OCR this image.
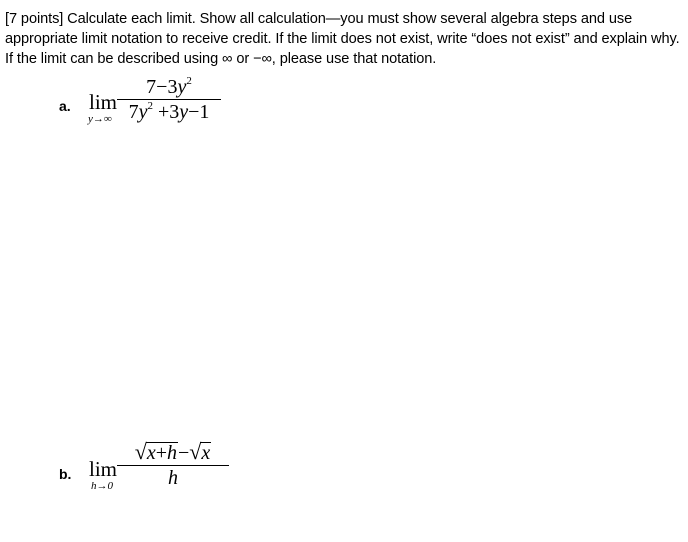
[7 points] Calculate each limit. Show all calculation—you must show several algebra steps and use appropriate limit notation to receive credit. If the limit does not exist, write “does not exist” and explain why. If the limit can be described using ∞ or −∞, please use that notation.
a. lim
y→∞
$7-3y^2$
$7y^2 +3y-1$
b. lim
h→0
√ x+h − √ x
h
